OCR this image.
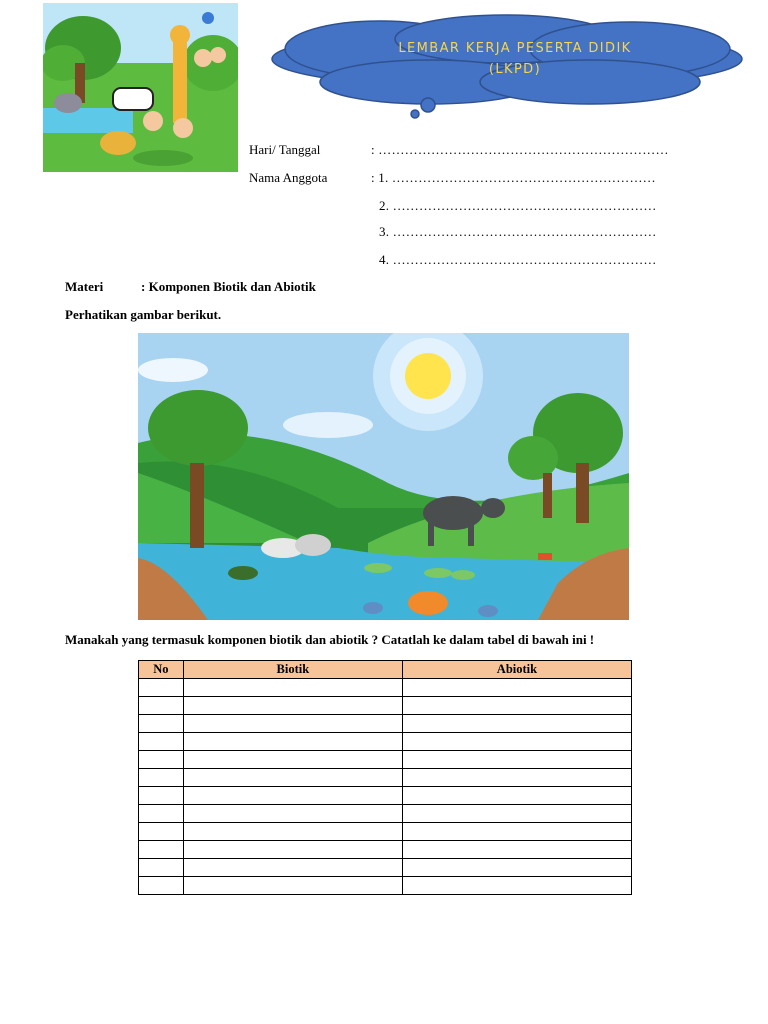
LEMBAR KERJA PESERTA DIDIK
(LKPD)
Hari/ Tanggal	: …………………………………………………………
Nama Anggota	: 1. ……………………………………………………
2. ……………………………………………………
3. ……………………………………………………
4. ……………………………………………………
Materi	: Komponen Biotik dan Abiotik
Perhatikan gambar berikut.
Manakah yang termasuk komponen biotik dan abiotik ? Catatlah ke dalam tabel di bawah ini !
No	Biotik	Abiotik
